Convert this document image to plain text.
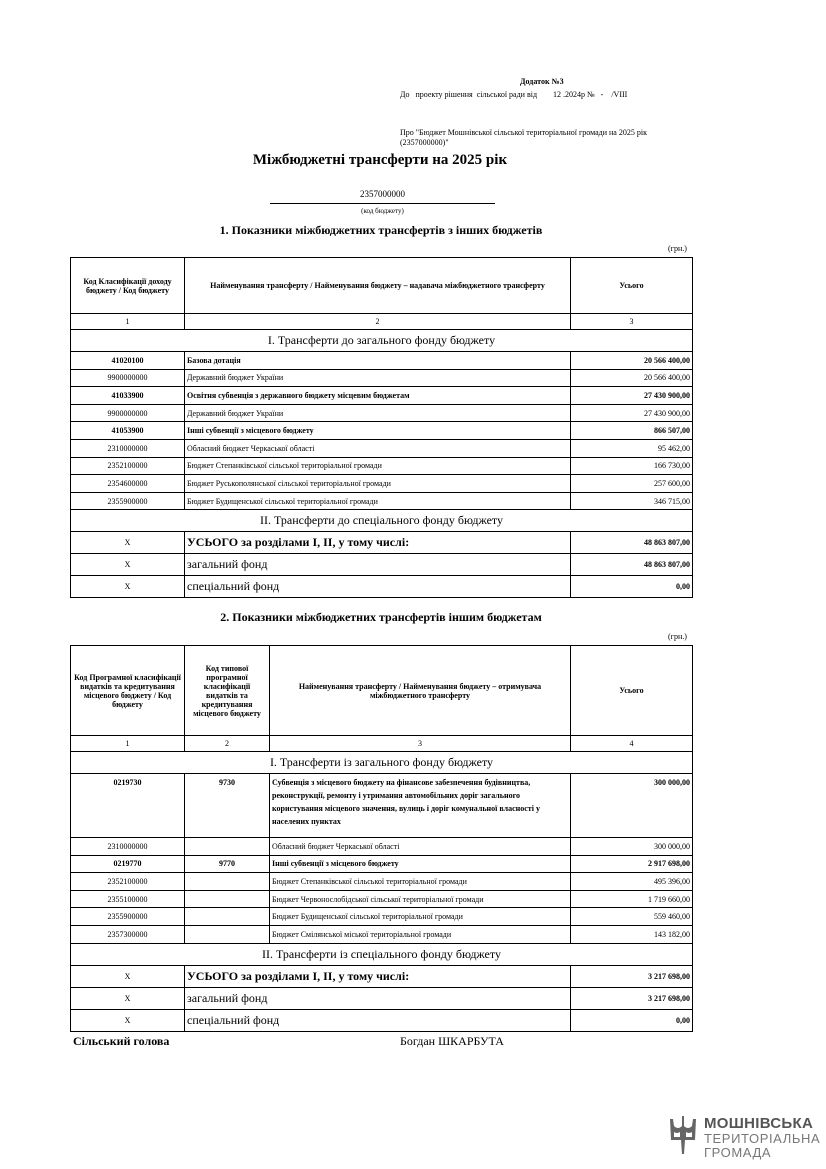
Додаток №3
До   проекту рішення  сільської ради від        12 .2024р №   -    /VIII
Про "Бюджет Мошнівської сільської територіальної громади на 2025 рік (2357000000)"
Міжбюджетні трансферти на 2025 рік
2357000000
(код бюджету)
1. Показники міжбюджетних трансфертів з інших бюджетів
(грн.)
Код Класифікації доходу бюджету / Код бюджету	Найменування трансферту / Найменування бюджету – надавача міжбюджетного трансферту	Усього
1	2	3
І. Трансферти до загального фонду бюджету		
41020100	Базова дотація	20 566 400,00
9900000000	Державний бюджет України	20 566 400,00
41033900	Освітня субвенція з державного бюджету місцевим бюджетам	27 430 900,00
9900000000	Державний бюджет України	27 430 900,00
41053900	Інші субвенції з місцевого бюджету	866 507,00
2310000000	Обласний бюджет Черкаської області	95 462,00
2352100000	Бюджет Степанківської сільської територіальної громади	166 730,00
2354600000	Бюджет Руськополянської сільської територіальної громади	257 600,00
2355900000	Бюджет Будищенської сільської територіальної громади	346 715,00
ІІ. Трансферти до спеціального фонду бюджету		
Х	УСЬОГО за розділами І, ІІ, у тому числі:	48 863 807,00
Х	загальний фонд	48 863 807,00
Х	спеціальний фонд	0,00
2. Показники міжбюджетних трансфертів іншим бюджетам
(грн.)
Код Програмної класифікації видатків та кредитування місцевого бюджету / Код бюджету	Код типової програмної класифікації видатків та кредитування місцевого бюджету	Найменування трансферту / Найменування бюджету – отримувача міжбюджетного трансферту	Усього
1	2	3	4
І. Трансферти із загального фонду бюджету			
0219730	9730	Субвенція з місцевого бюджету на фінансове забезпечення будівництва, реконструкції, ремонту і утримання автомобільних доріг загального користування місцевого значення, вулиць і доріг комунальної власності у населених пунктах	300 000,00
2310000000		Обласний бюджет Черкаської області	300 000,00
0219770	9770	Інші субвенції з місцевого бюджету	2 917 698,00
2352100000		Бюджет Степанківської сільської територіальної громади	495 396,00
2355100000		Бюджет Червонослобідської сільської територіальної громади	1 719 660,00
2355900000		Бюджет Будищенської сільської територіальної громади	559 460,00
2357300000		Бюджет Смілянської міської територіальної громади	143 182,00
ІІ. Трансферти із спеціального фонду бюджету			
Х	УСЬОГО за розділами І, ІІ, у тому числі:		3 217 698,00
Х	загальний фонд		3 217 698,00
Х	спеціальний фонд		0,00
Сільський голова	Богдан ШКАРБУТА
МОШНІВСЬКА
ТЕРИТОРІАЛЬНА
ГРОМАДА
